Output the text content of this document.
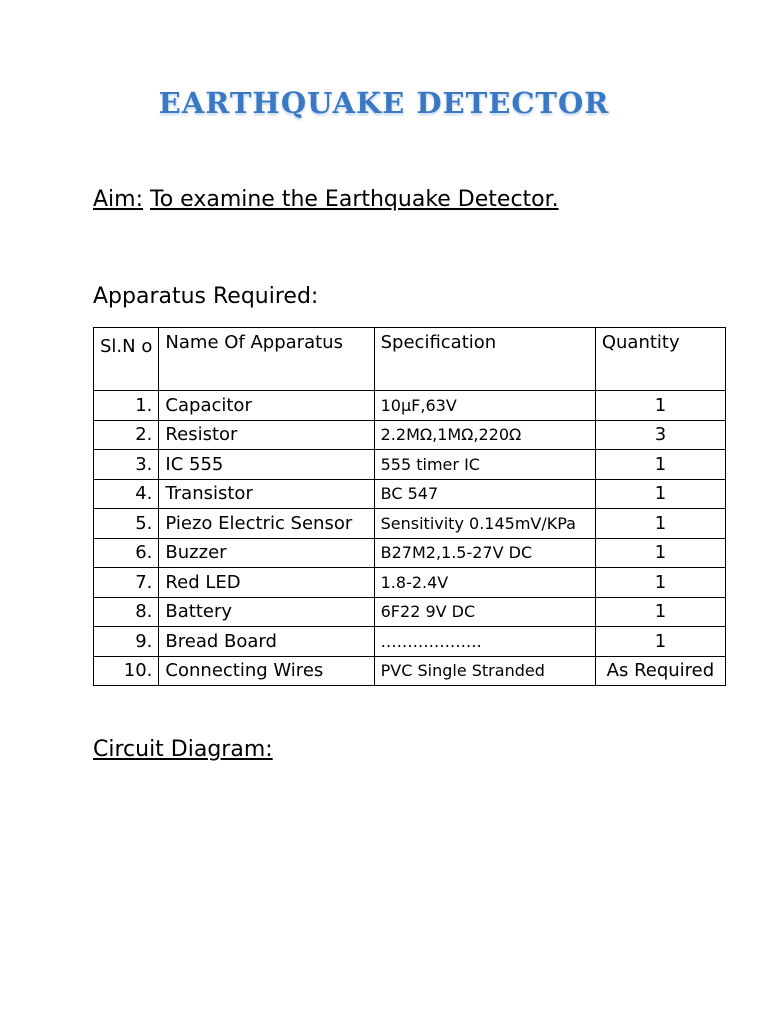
EARTHQUAKE DETECTOR
Aim: To examine the Earthquake Detector.
Apparatus Required:
Sl.N o	Name Of Apparatus	Specification	Quantity
1.	Capacitor	10μF,63V	1
2.	Resistor	2.2MΩ,1MΩ,220Ω	3
3.	IC 555	555 timer IC	1
4.	Transistor	BC 547	1
5.	Piezo Electric Sensor	Sensitivity 0.145mV/KPa	1
6.	Buzzer	B27M2,1.5-27V DC	1
7.	Red LED	1.8-2.4V	1
8.	Battery	6F22 9V DC	1
9.	Bread Board	……………….	1
10.	Connecting Wires	PVC Single Stranded	As Required
Circuit Diagram:
